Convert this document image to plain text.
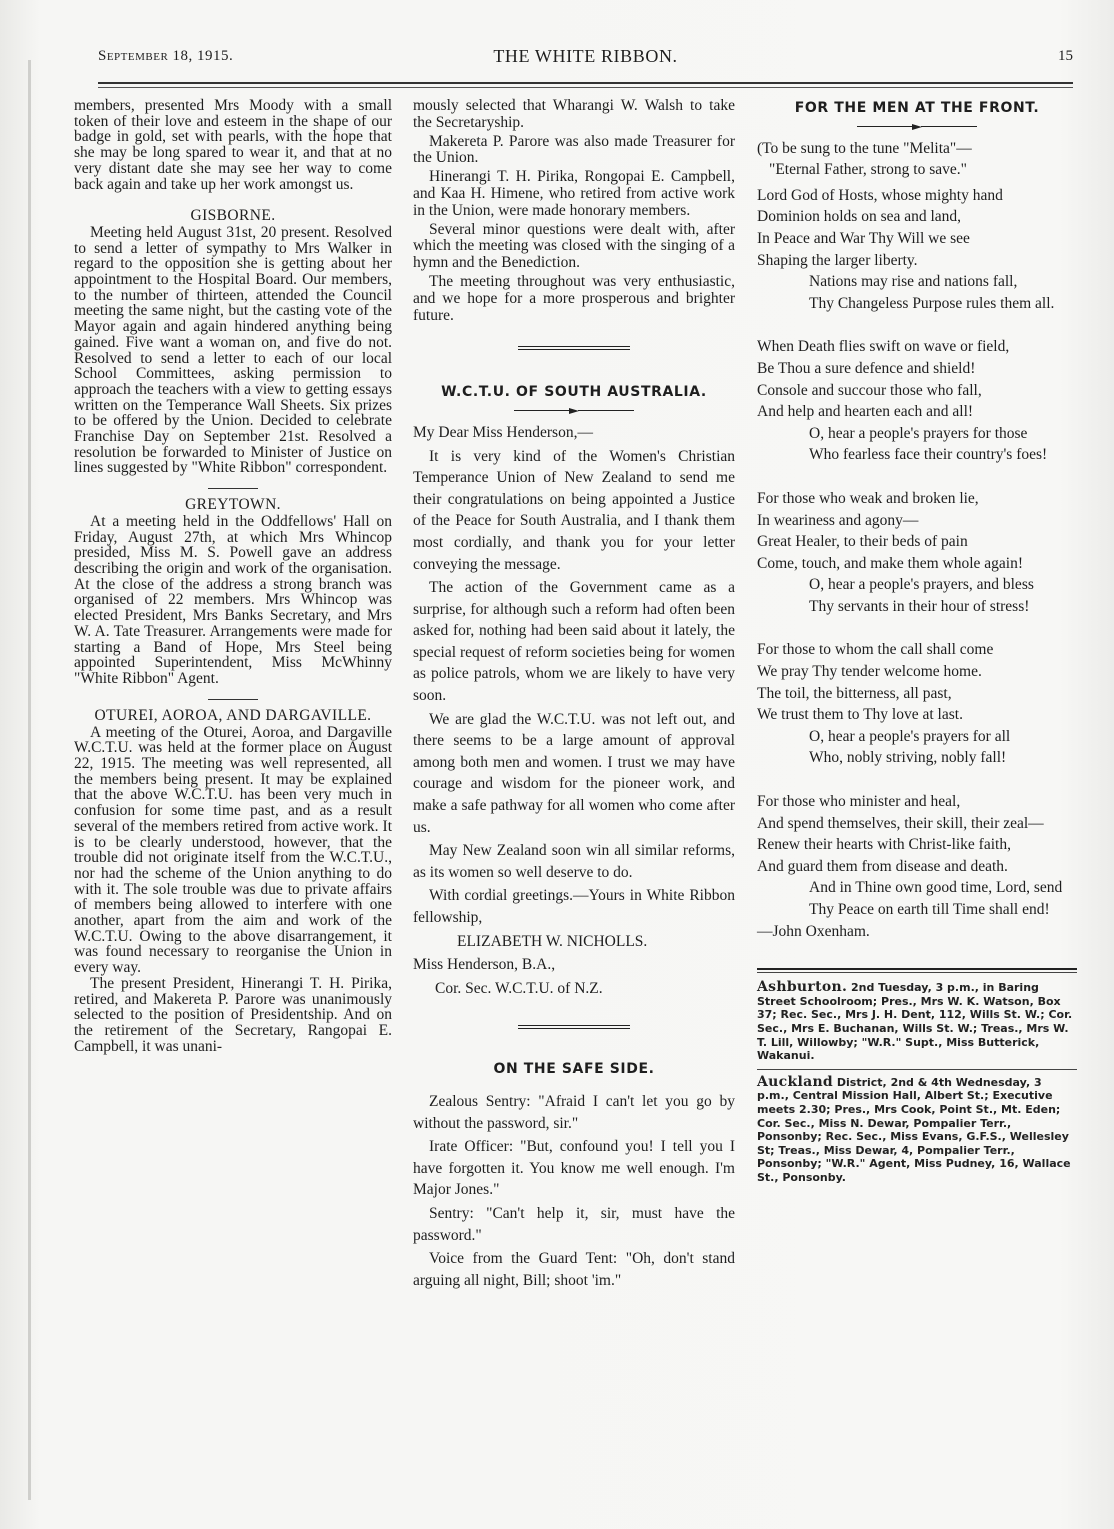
September 18, 1915.	THE WHITE RIBBON.	15

members, presented Mrs Moody with a small token of their love and esteem in the shape of our badge in gold, set with pearls, with the hope that she may be long spared to wear it, and that at no very distant date she may see her way to come back again and take up her work amongst us.

GISBORNE.

Meeting held August 31st, 20 present. Resolved to send a letter of sympathy to Mrs Walker in regard to the opposition she is getting about her appointment to the Hospital Board. Our members, to the number of thirteen, attended the Council meeting the same night, but the casting vote of the Mayor again and again hindered anything being gained. Five want a woman on, and five do not. Resolved to send a letter to each of our local School Committees, asking permission to approach the teachers with a view to getting essays written on the Temperance Wall Sheets. Six prizes to be offered by the Union. Decided to celebrate Franchise Day on September 21st. Resolved a resolution be forwarded to Minister of Justice on lines suggested by "White Ribbon" correspondent.

GREYTOWN.

At a meeting held in the Oddfellows' Hall on Friday, August 27th, at which Mrs Whincop presided, Miss M. S. Powell gave an address describing the origin and work of the organisation. At the close of the address a strong branch was organised of 22 members. Mrs Whincop was elected President, Mrs Banks Secretary, and Mrs W. A. Tate Treasurer. Arrangements were made for starting a Band of Hope, Mrs Steel being appointed Superintendent, Miss McWhinny "White Ribbon" Agent.

OTUREI, AOROA, AND DARGAVILLE.

A meeting of the Oturei, Aoroa, and Dargaville W.C.T.U. was held at the former place on August 22, 1915. The meeting was well represented, all the members being present. It may be explained that the above W.C.T.U. has been very much in confusion for some time past, and as a result several of the members retired from active work. It is to be clearly understood, however, that the trouble did not originate itself from the W.C.T.U., nor had the scheme of the Union anything to do with it. The sole trouble was due to private affairs of members being allowed to interfere with one another, apart from the aim and work of the W.C.T.U. Owing to the above disarrangement, it was found necessary to reorganise the Union in every way.

The present President, Hinerangi T. H. Pirika, retired, and Makereta P. Parore was unanimously selected to the position of Presidentship. And on the retirement of the Secretary, Rangopai E. Campbell, it was unani-

mously selected that Wharangi W. Walsh to take the Secretaryship.

Makereta P. Parore was also made Treasurer for the Union.

Hinerangi T. H. Pirika, Rongopai E. Campbell, and Kaa H. Himene, who retired from active work in the Union, were made honorary members.

Several minor questions were dealt with, after which the meeting was closed with the singing of a hymn and the Benediction.

The meeting throughout was very enthusiastic, and we hope for a more prosperous and brighter future.

W.C.T.U. OF SOUTH AUSTRALIA.

My Dear Miss Henderson,—

It is very kind of the Women's Christian Temperance Union of New Zealand to send me their congratulations on being appointed a Justice of the Peace for South Australia, and I thank them most cordially, and thank you for your letter conveying the message.

The action of the Government came as a surprise, for although such a reform had often been asked for, nothing had been said about it lately, the special request of reform societies being for women as police patrols, whom we are likely to have very soon.

We are glad the W.C.T.U. was not left out, and there seems to be a large amount of approval among both men and women. I trust we may have courage and wisdom for the pioneer work, and make a safe pathway for all women who come after us.

May New Zealand soon win all similar reforms, as its women so well deserve to do.

With cordial greetings.—Yours in White Ribbon fellowship,

ELIZABETH W. NICHOLLS.

Miss Henderson, B.A.,

Cor. Sec. W.C.T.U. of N.Z.

ON THE SAFE SIDE.

Zealous Sentry: "Afraid I can't let you go by without the password, sir."

Irate Officer: "But, confound you! I tell you I have forgotten it. You know me well enough. I'm Major Jones."

Sentry: "Can't help it, sir, must have the password."

Voice from the Guard Tent: "Oh, don't stand arguing all night, Bill; shoot 'im."

FOR THE MEN AT THE FRONT.

(To be sung to the tune "Melita"—

"Eternal Father, strong to save."

Lord God of Hosts, whose mighty hand

Dominion holds on sea and land,

In Peace and War Thy Will we see

Shaping the larger liberty.

Nations may rise and nations fall,

Thy Changeless Purpose rules them all.

When Death flies swift on wave or field,

Be Thou a sure defence and shield!

Console and succour those who fall,

And help and hearten each and all!

O, hear a people's prayers for those

Who fearless face their country's foes!

For those who weak and broken lie,

In weariness and agony—

Great Healer, to their beds of pain

Come, touch, and make them whole again!

O, hear a people's prayers, and bless

Thy servants in their hour of stress!

For those to whom the call shall come

We pray Thy tender welcome home.

The toil, the bitterness, all past,

We trust them to Thy love at last.

O, hear a people's prayers for all

Who, nobly striving, nobly fall!

For those who minister and heal,

And spend themselves, their skill, their zeal—

Renew their hearts with Christ-like faith,

And guard them from disease and death.

And in Thine own good time, Lord, send

Thy Peace on earth till Time shall end!

—John Oxenham.

Ashburton. 2nd Tuesday, 3 p.m., in Baring Street Schoolroom; Pres., Mrs W. K. Watson, Box 37; Rec. Sec., Mrs J. H. Dent, 112, Wills St. W.; Cor. Sec., Mrs E. Buchanan, Wills St. W.; Treas., Mrs W. T. Lill, Willowby; "W.R." Supt., Miss Butterick, Wakanui.

Auckland District, 2nd & 4th Wednesday, 3 p.m., Central Mission Hall, Albert St.; Executive meets 2.30; Pres., Mrs Cook, Point St., Mt. Eden; Cor. Sec., Miss N. Dewar, Pompalier Terr., Ponsonby; Rec. Sec., Miss Evans, G.F.S., Wellesley St; Treas., Miss Dewar, 4, Pompalier Terr., Ponsonby; "W.R." Agent, Miss Pudney, 16, Wallace St., Ponsonby.
